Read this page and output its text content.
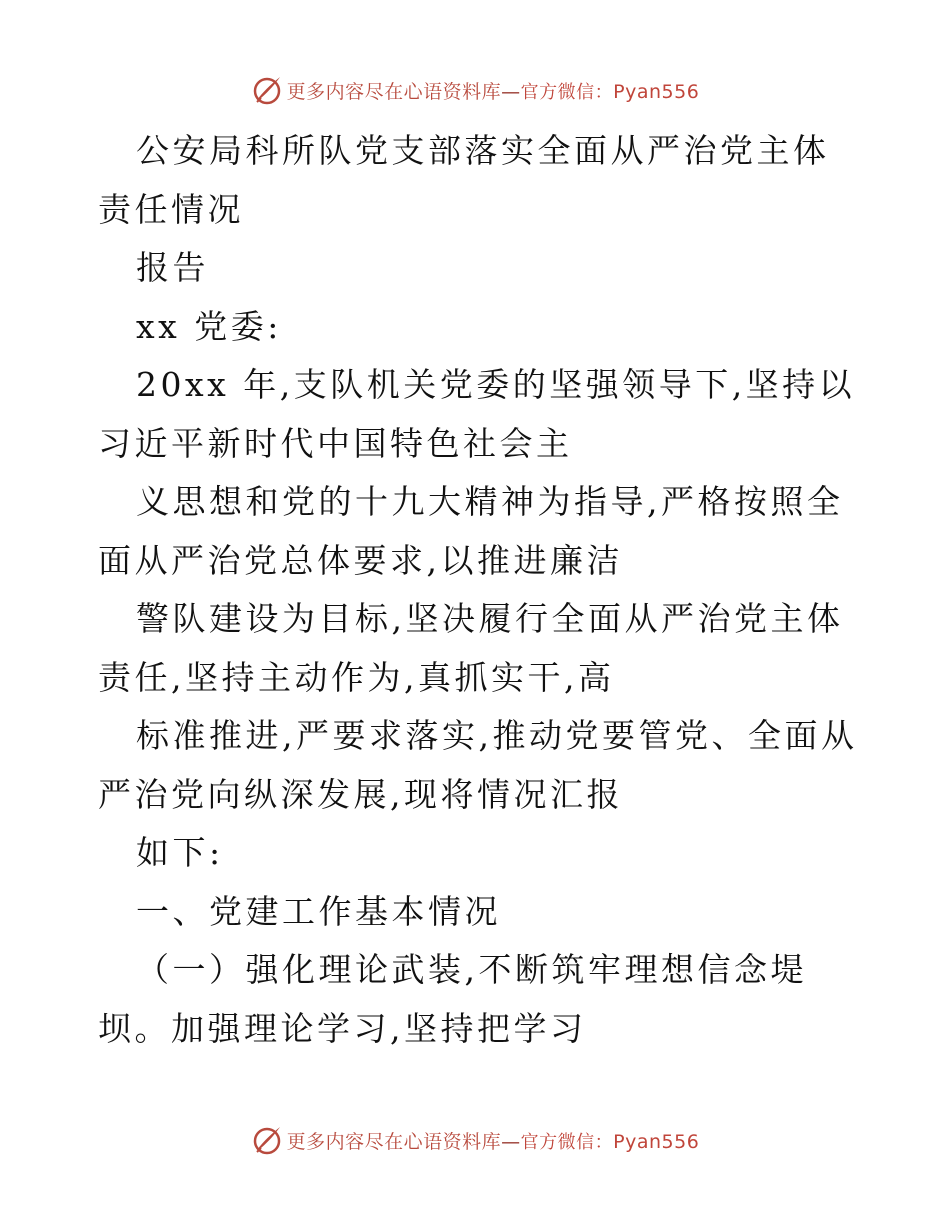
更多内容尽在心语资料库—官方微信：Pyan556

公安局科所队党支部落实全面从严治党主体责任情况

报告

xx 党委:

20xx 年,支队机关党委的坚强领导下,坚持以习近平新时代中国特色社会主

义思想和党的十九大精神为指导,严格按照全面从严治党总体要求,以推进廉洁

警队建设为目标,坚决履行全面从严治党主体责任,坚持主动作为,真抓实干,高

标准推进,严要求落实,推动党要管党、全面从严治党向纵深发展,现将情况汇报

如下:

一、党建工作基本情况

（一）强化理论武装,不断筑牢理想信念堤坝。加强理论学习,坚持把学习

更多内容尽在心语资料库—官方微信：Pyan556
